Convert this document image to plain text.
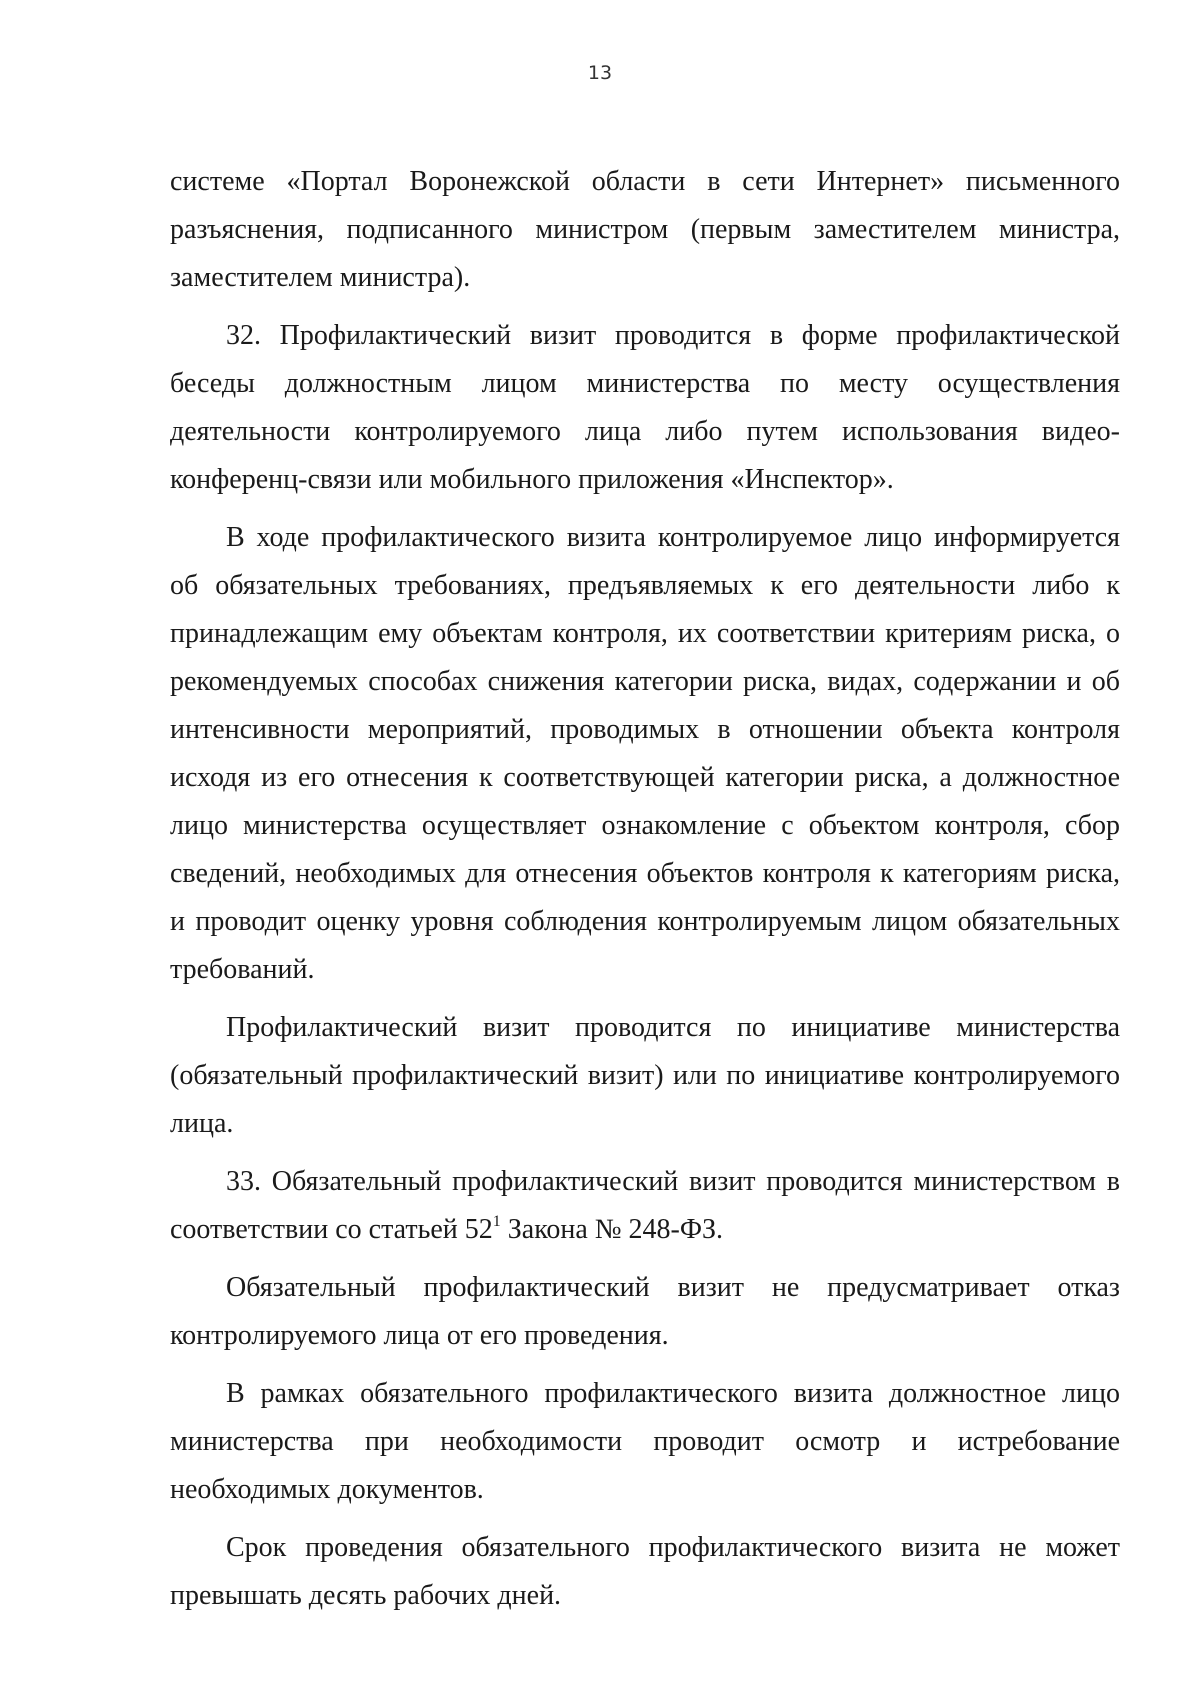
13

системе «Портал Воронежской области в сети Интернет» письменного разъяснения, подписанного министром (первым заместителем министра, заместителем министра).

32. Профилактический визит проводится в форме профилактической беседы должностным лицом министерства по месту осуществления деятельности контролируемого лица либо путем использования видео-конференц-связи или мобильного приложения «Инспектор».

В ходе профилактического визита контролируемое лицо информируется об обязательных требованиях, предъявляемых к его деятельности либо к принадлежащим ему объектам контроля, их соответствии критериям риска, о рекомендуемых способах снижения категории риска, видах, содержании и об интенсивности мероприятий, проводимых в отношении объекта контроля исходя из его отнесения к соответствующей категории риска, а должностное лицо министерства осуществляет ознакомление с объектом контроля, сбор сведений, необходимых для отнесения объектов контроля к категориям риска, и проводит оценку уровня соблюдения контролируемым лицом обязательных требований.

Профилактический визит проводится по инициативе министерства (обязательный профилактический визит) или по инициативе контролируемого лица.

33. Обязательный профилактический визит проводится министерством в соответствии со статьей $52^1$ Закона № 248-ФЗ.

Обязательный профилактический визит не предусматривает отказ контролируемого лица от его проведения.

В рамках обязательного профилактического визита должностное лицо министерства при необходимости проводит осмотр и истребование необходимых документов.

Срок проведения обязательного профилактического визита не может превышать десять рабочих дней.
